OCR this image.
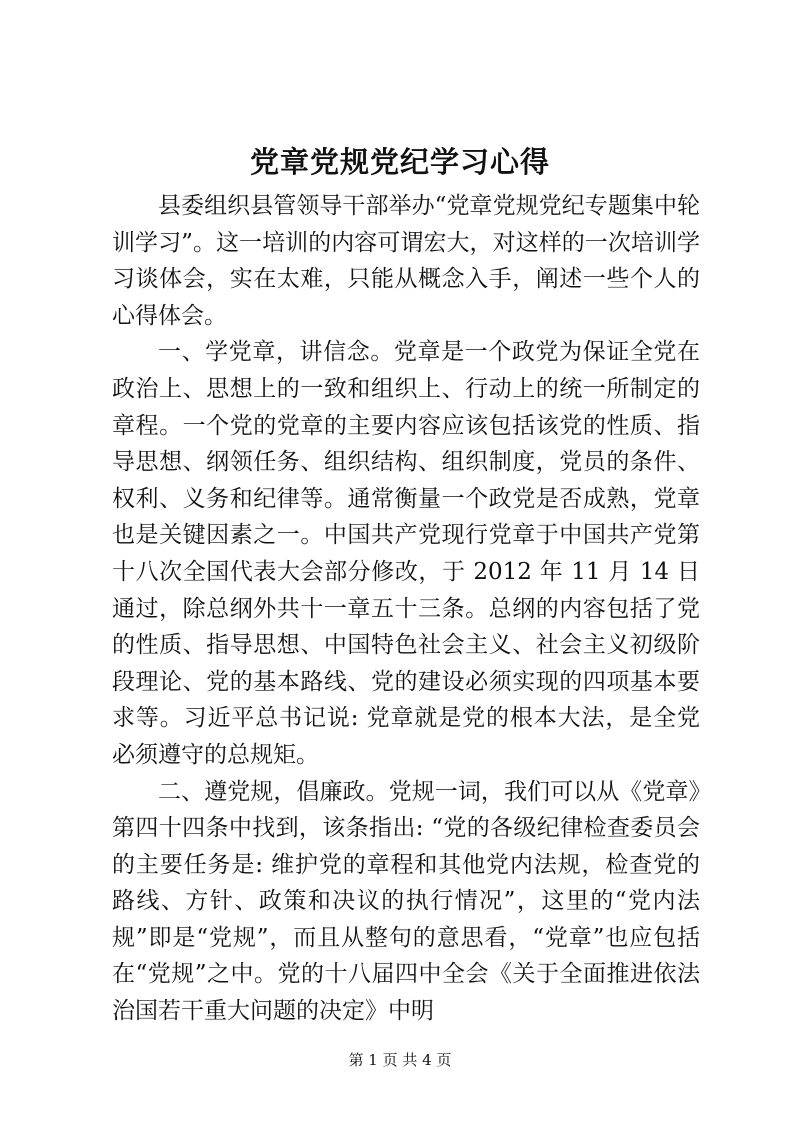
党章党规党纪学习心得

县委组织县管领导干部举办“党章党规党纪专题集中轮训学习”。这一培训的内容可谓宏大，对这样的一次培训学习谈体会，实在太难，只能从概念入手，阐述一些个人的心得体会。

一、学党章，讲信念。党章是一个政党为保证全党在政治上、思想上的一致和组织上、行动上的统一所制定的章程。一个党的党章的主要内容应该包括该党的性质、指导思想、纲领任务、组织结构、组织制度，党员的条件、权利、义务和纪律等。通常衡量一个政党是否成熟，党章也是关键因素之一。中国共产党现行党章于中国共产党第十八次全国代表大会部分修改，于 2012 年 11 月 14 日通过，除总纲外共十一章五十三条。总纲的内容包括了党的性质、指导思想、中国特色社会主义、社会主义初级阶段理论、党的基本路线、党的建设必须实现的四项基本要求等。习近平总书记说: 党章就是党的根本大法，是全党必须遵守的总规矩。

二、遵党规，倡廉政。党规一词，我们可以从《党章》第四十四条中找到，该条指出: “党的各级纪律检查委员会的主要任务是: 维护党的章程和其他党内法规，检查党的路线、方针、政策和决议的执行情况”，这里的“党内法规”即是“党规”，而且从整句的意思看，“党章”也应包括在“党规”之中。党的十八届四中全会《关于全面推进依法治国若干重大问题的决定》中明

第 1 页 共 4 页
